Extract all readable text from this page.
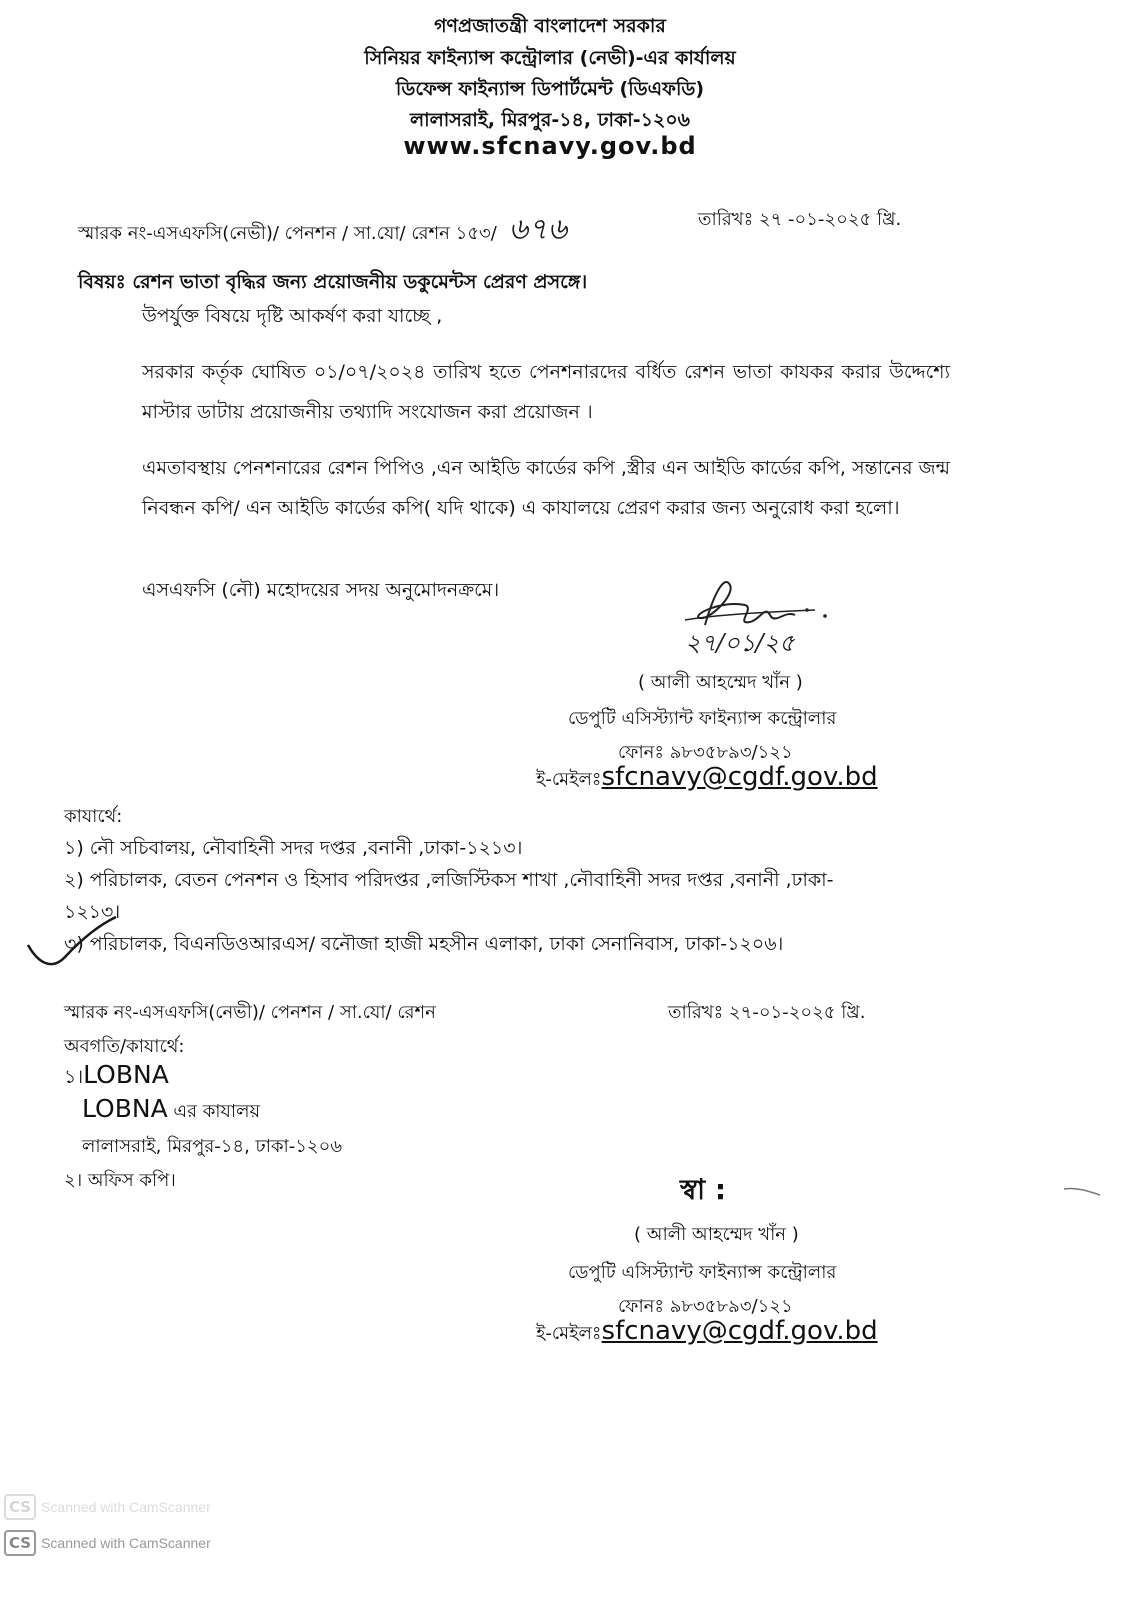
গণপ্রজাতন্ত্রী বাংলাদেশ সরকার
সিনিয়র ফাইন্যান্স কন্ট্রোলার (নেভী)-এর কার্যালয়
ডিফেন্স ফাইন্যান্স ডিপার্টমেন্ট (ডিএফডি)
লালাসরাই, মিরপুর-১৪, ঢাকা-১২০৬
www.sfcnavy.gov.bd
স্মারক নং-এসএফসি(নেভী)/ পেনশন / সা.যো/ রেশন ১৫৩/ ৬৭৬	তারিখঃ ২৭ -০১-২০২৫ খ্রি.
বিষয়ঃ রেশন ভাতা বৃদ্ধির জন্য প্রয়োজনীয় ডকুমেন্টস প্রেরণ প্রসঙ্গে।
উপর্যুক্ত বিষয়ে দৃষ্টি আকর্ষণ করা যাচ্ছে ,
সরকার কর্তৃক ঘোষিত ০১/০৭/২০২৪ তারিখ হতে পেনশনারদের বর্ধিত রেশন ভাতা কাযকর করার উদ্দেশ্যে মাস্টার ডাটায় প্রয়োজনীয় তথ্যাদি সংযোজন করা প্রয়োজন ।
এমতাবস্থায় পেনশনারের রেশন পিপিও ,এন আইডি কার্ডের কপি ,স্ত্রীর এন আইডি কার্ডের কপি, সন্তানের জন্ম নিবন্ধন কপি/ এন আইডি কার্ডের কপি( যদি থাকে) এ কাযালয়ে প্রেরণ করার জন্য অনুরোধ করা হলো।
এসএফসি (নৌ) মহোদয়ের সদয় অনুমোদনক্রমে।
২৭/০১/২৫
( আলী আহম্মেদ খাঁন )
ডেপুটি এসিস্ট্যান্ট ফাইন্যান্স কন্ট্রোলার
ফোনঃ ৯৮৩৫৮৯৩/১২১
ই-মেইলঃsfcnavy@cgdf.gov.bd
কাযার্থে:
১) নৌ সচিবালয়, নৌবাহিনী সদর দপ্তর ,বনানী ,ঢাকা-১২১৩।
২) পরিচালক, বেতন পেনশন ও হিসাব পরিদপ্তর ,লজিস্টিকস শাখা ,নৌবাহিনী সদর দপ্তর ,বনানী ,ঢাকা-
১২১৩।
৩) পরিচালক, বিএনডিওআরএস/ বনৌজা হাজী মহসীন এলাকা, ঢাকা সেনানিবাস, ঢাকা-১২০৬।
স্মারক নং-এসএফসি(নেভী)/ পেনশন / সা.যো/ রেশন	তারিখঃ ২৭-০১-২০২৫ খ্রি.
অবগতি/কাযার্থে:
১।LOBNA
LOBNA এর কাযালয়
লালাসরাই, মিরপুর-১৪, ঢাকা-১২০৬
২। অফিস কপি।	স্বা :
( আলী আহম্মেদ খাঁন )
ডেপুটি এসিস্ট্যান্ট ফাইন্যান্স কন্ট্রোলার
ফোনঃ ৯৮৩৫৮৯৩/১২১
ই-মেইলঃsfcnavy@cgdf.gov.bd
CS Scanned with CamScanner
CS Scanned with CamScanner
